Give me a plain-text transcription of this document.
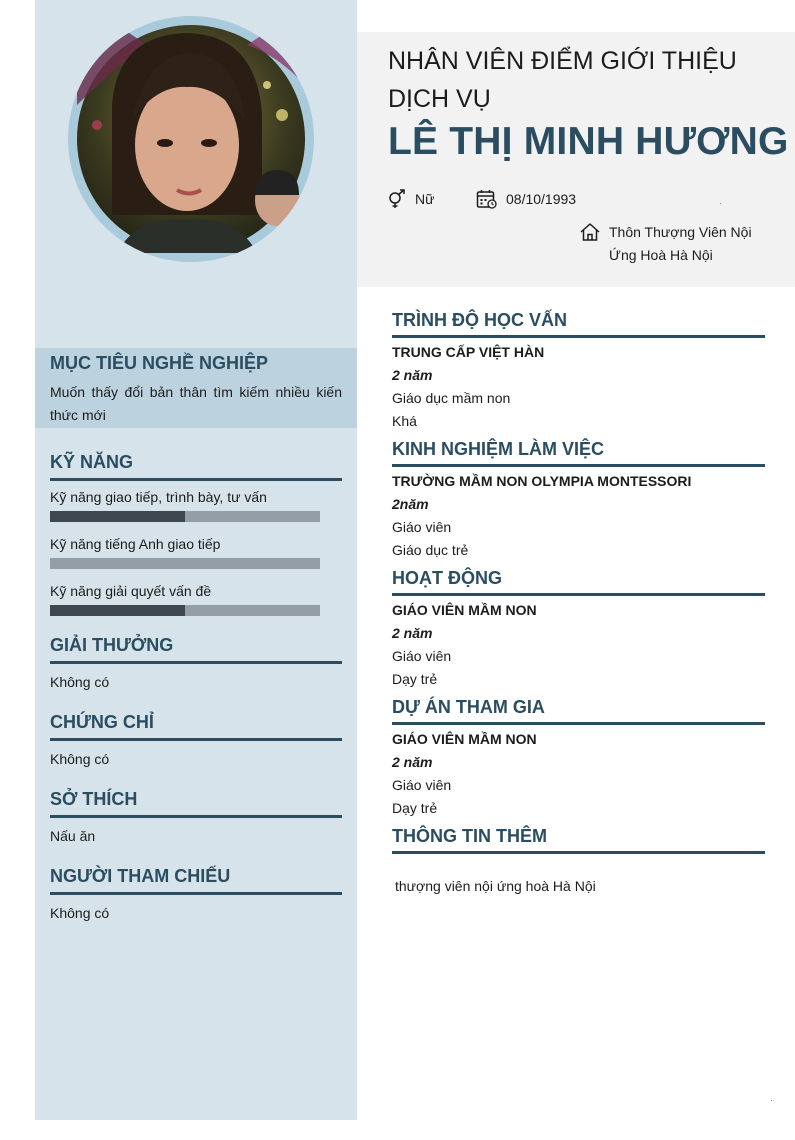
NHÂN VIÊN ĐIỂM GIỚI THIỆU DỊCH VỤ
LÊ THỊ MINH HƯƠNG
Nữ	08/10/1993
Thôn Thượng Viên Nội
Ứng Hoà Hà Nội
MỤC TIÊU NGHỀ NGHIỆP
Muốn thấy đổi bản thân tìm kiếm nhiều kiến thức mới
KỸ NĂNG
Kỹ năng giao tiếp, trình bày, tư vấn
Kỹ năng tiếng Anh giao tiếp
Kỹ năng giải quyết vấn đề
GIẢI THƯỞNG
Không có
CHỨNG CHỈ
Không có
SỞ THÍCH
Nấu ăn
NGƯỜI THAM CHIẾU
Không có
TRÌNH ĐỘ HỌC VẤN
TRUNG CẤP VIỆT HÀN
2 năm
Giáo dục mầm non
Khá
KINH NGHIỆM LÀM VIỆC
TRƯỜNG MẦM NON OLYMPIA MONTESSORI
2năm
Giáo viên
Giáo dục trẻ
HOẠT ĐỘNG
GIÁO VIÊN MẦM NON
2 năm
Giáo viên
Dạy trẻ
DỰ ÁN THAM GIA
GIÁO VIÊN MẦM NON
2 năm
Giáo viên
Dạy trẻ
THÔNG TIN THÊM
thượng viên nội ứng hoà Hà Nội
